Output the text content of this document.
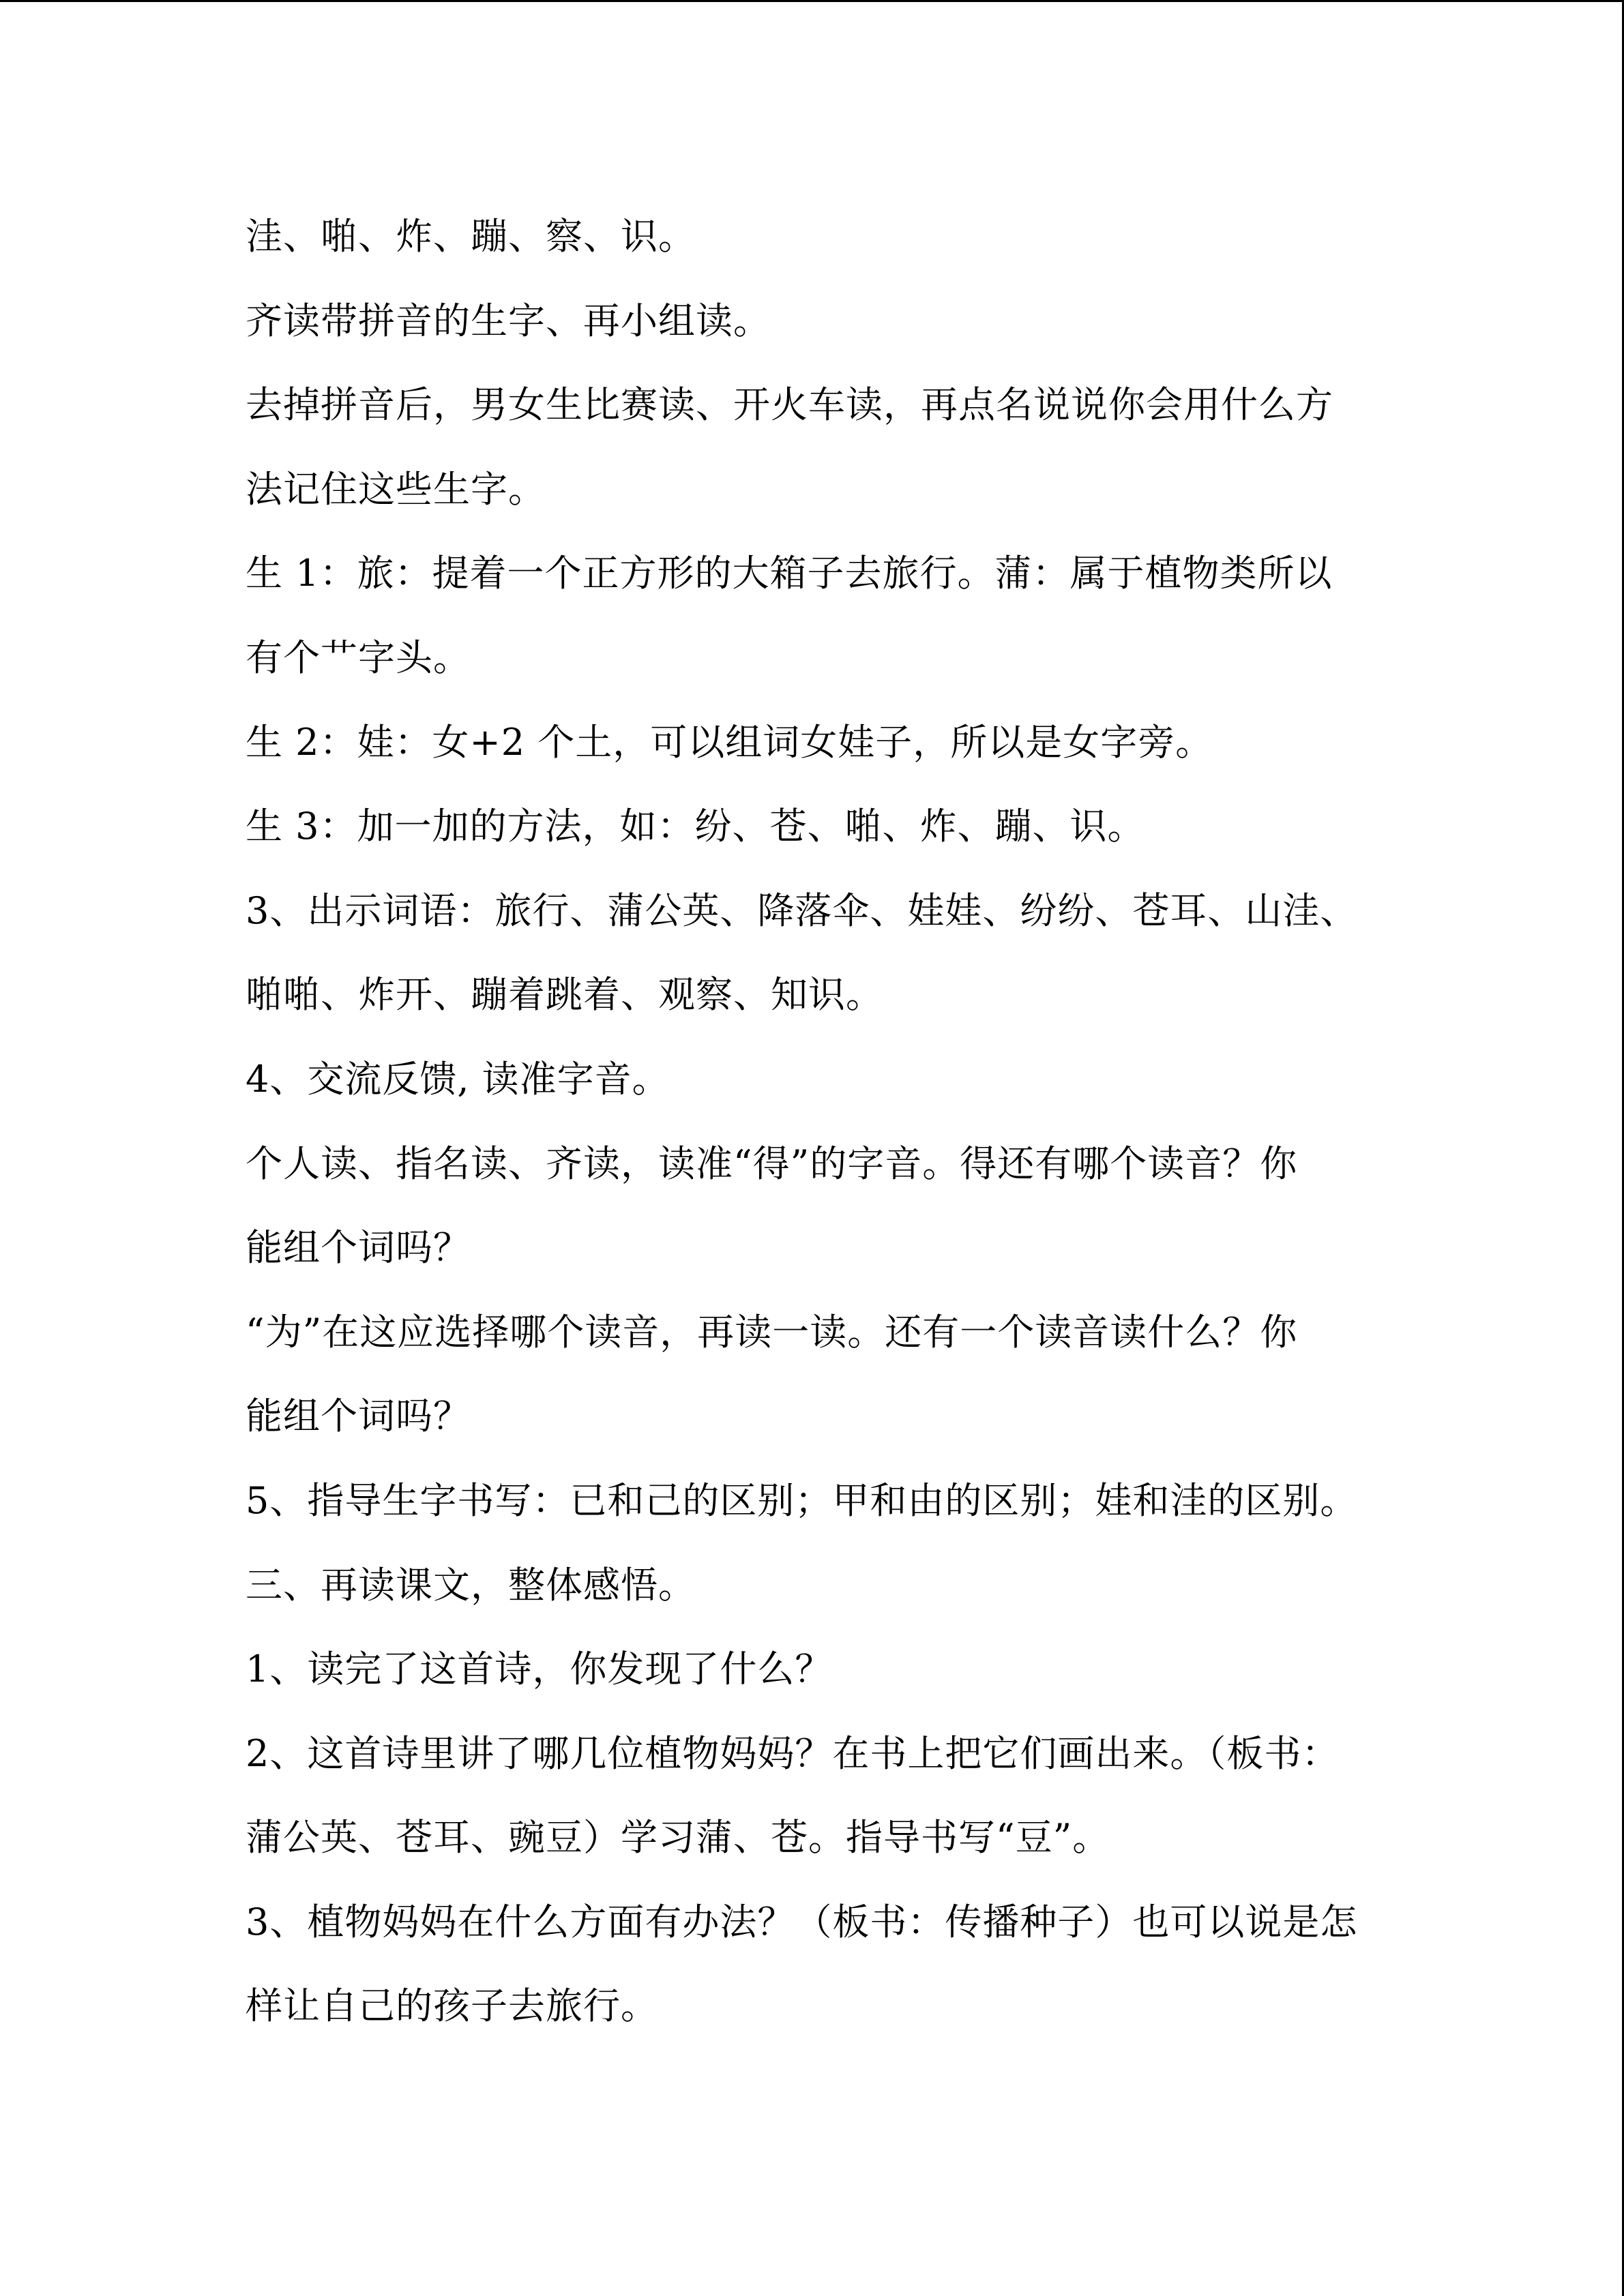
洼、啪、炸、蹦、察、识。

齐读带拼音的生字、再小组读。

去掉拼音后，男女生比赛读、开火车读，再点名说说你会用什么方

法记住这些生字。

生 1：旅：提着一个正方形的大箱子去旅行。蒲：属于植物类所以

有个艹字头。

生 2：娃：女+2 个土，可以组词女娃子，所以是女字旁。

生 3：加一加的方法，如：纷、苍、啪、炸、蹦、识。

3、出示词语：旅行、蒲公英、降落伞、娃娃、纷纷、苍耳、山洼、

啪啪、炸开、蹦着跳着、观察、知识。

4、交流反馈, 读准字音。

个人读、指名读、齐读，读准“得”的字音。得还有哪个读音？你

能组个词吗？

“为”在这应选择哪个读音，再读一读。还有一个读音读什么？你

能组个词吗？

5、指导生字书写：已和己的区别；甲和由的区别；娃和洼的区别。

三、再读课文，整体感悟。

1、读完了这首诗，你发现了什么？

2、这首诗里讲了哪几位植物妈妈？在书上把它们画出来。（板书：

蒲公英、苍耳、豌豆）学习蒲、苍。指导书写“豆”。

3、植物妈妈在什么方面有办法？（板书：传播种子）也可以说是怎

样让自己的孩子去旅行。
